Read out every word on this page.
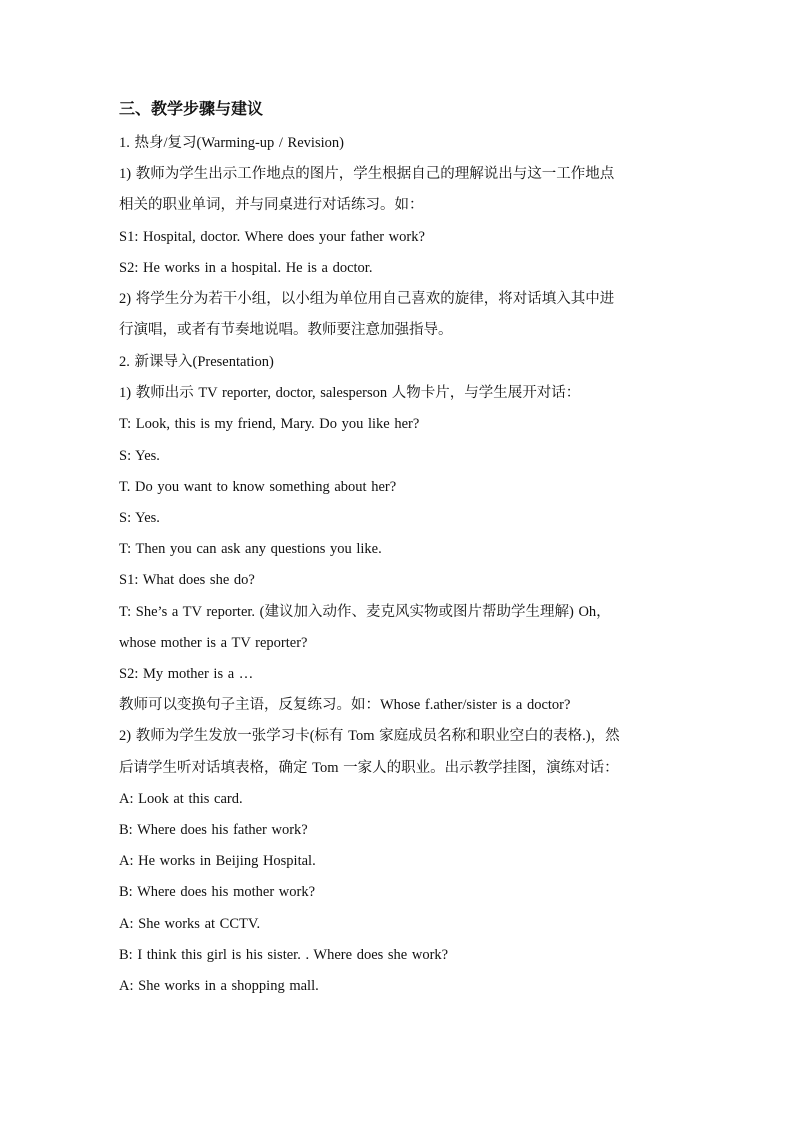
三、教学步骤与建议
1. 热身/复习(Warming-up / Revision)
1) 教师为学生出示工作地点的图片，学生根据自己的理解说出与这一工作地点
相关的职业单词，并与同桌进行对话练习。如：
S1: Hospital, doctor. Where does your father work?
S2: He works in a hospital. He is a doctor.
2) 将学生分为若干小组，以小组为单位用自己喜欢的旋律，将对话填入其中进
行演唱，或者有节奏地说唱。教师要注意加强指导。
2. 新课导入(Presentation)
1) 教师出示 TV reporter, doctor, salesperson 人物卡片，与学生展开对话：
T: Look, this is my friend, Mary. Do you like her?
S: Yes.
T. Do you want to know something about her?
S: Yes.
T: Then you can ask any questions you like.
S1: What does she do?
T: She’s a TV reporter. (建议加入动作、麦克风实物或图片帮助学生理解) Oh，
whose mother is a TV reporter?
S2: My mother is a …
教师可以变换句子主语，反复练习。如：Whose f.ather/sister is a doctor?
2) 教师为学生发放一张学习卡(标有 Tom 家庭成员名称和职业空白的表格.)，然
后请学生听对话填表格，确定 Tom 一家人的职业。出示教学挂图，演练对话：
A: Look at this card.
B: Where does his father work?
A: He works in Beijing Hospital.
B: Where does his mother work?
A: She works at CCTV.
B: I think this girl is his sister. . Where does she work?
A: She works in a shopping mall.
